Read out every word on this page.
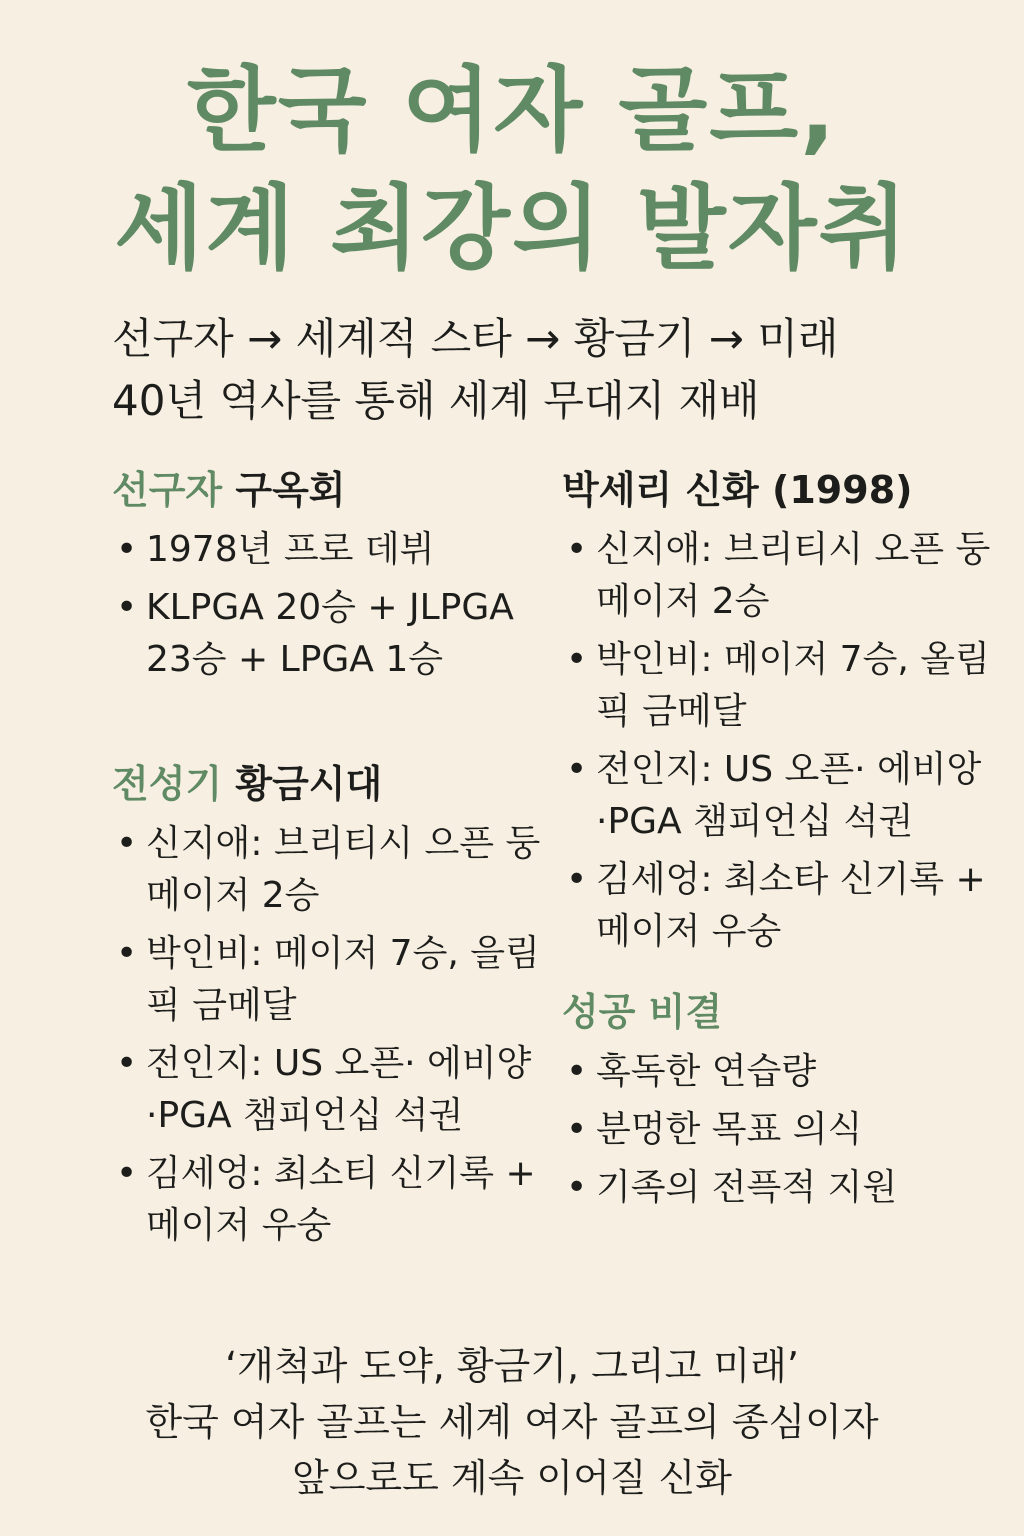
한국 여자 골프,
세계 최강의 발자취
선구자 → 세계적 스타 → 황금기 → 미래
40년 역사를 통해 세계 무대지 재배
선구자 구옥회
• 1978년 프로 데뷔
• KLPGA 20승 + JLPGA 23승 + LPGA 1승
전성기 황금시대
• 신지애: 브리티시 으픈 둥 메이저 2승
• 박인비: 메이저 7승, 을림픽 금메달
• 전인지: US 오픈· 에비양·PGA 챔피언십 석권
• 김세엉: 최소티 신기록 + 메이저 우숭
박세리 신화 (1998)
• 신지애: 브리티시 오픈 둥 메이저 2승
• 박인비: 메이저 7승, 올림픽 금메달
• 전인지: US 오픈· 에비앙·PGA 챔피언십 석권
• 김세엉: 최소타 신기록 + 메이저 우숭
성공 비결
• 혹독한 연습량
• 분멍한 목표 의식
• 기족의 전픅적 지원
‘개척과 도약, 황금기, 그리고 미래’
한국 여자 골프는 세계 여자 골프의 종심이자
앞으로도 계속 이어질 신화
